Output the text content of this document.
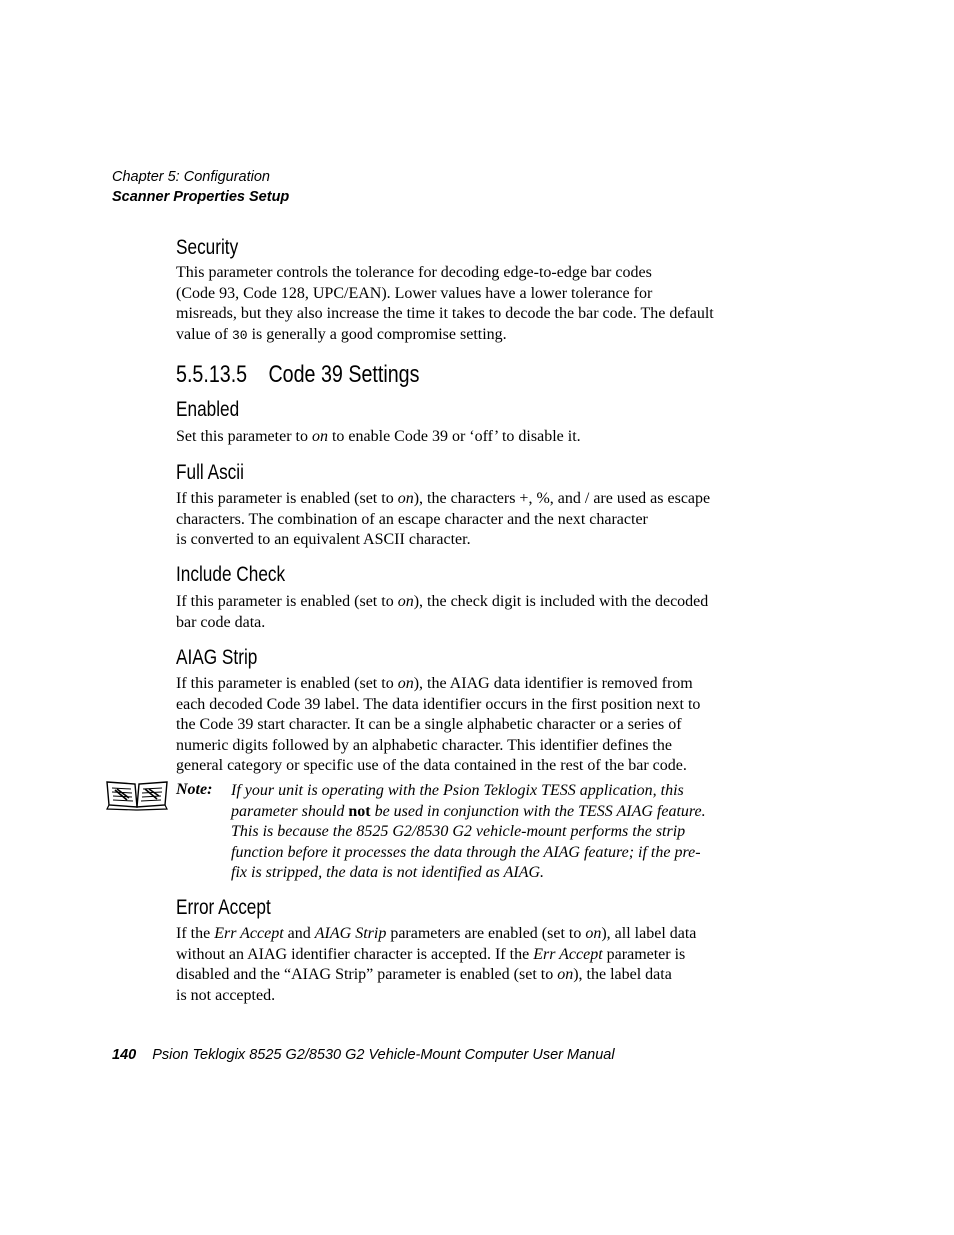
Chapter 5: Configuration
Scanner Properties Setup
Security
This parameter controls the tolerance for decoding edge-to-edge bar codes
(Code 93, Code 128, UPC/EAN). Lower values have a lower tolerance for
misreads, but they also increase the time it takes to decode the bar code. The default
value of 30 is generally a good compromise setting.
5.5.13.5 Code 39 Settings
Enabled
Set this parameter to on to enable Code 39 or ‘off’ to disable it.
Full Ascii
If this parameter is enabled (set to on), the characters +, %, and / are used as escape
characters. The combination of an escape character and the next character
is converted to an equivalent ASCII character.
Include Check
If this parameter is enabled (set to on), the check digit is included with the decoded
bar code data.
AIAG Strip
If this parameter is enabled (set to on), the AIAG data identifier is removed from
each decoded Code 39 label. The data identifier occurs in the first position next to
the Code 39 start character. It can be a single alphabetic character or a series of
numeric digits followed by an alphabetic character. This identifier defines the
general category or specific use of the data contained in the rest of the bar code.
Note: If your unit is operating with the Psion Teklogix TESS application, this
parameter should not be used in conjunction with the TESS AIAG feature.
This is because the 8525 G2/8530 G2 vehicle-mount performs the strip
function before it processes the data through the AIAG feature; if the pre-
fix is stripped, the data is not identified as AIAG.
Error Accept
If the Err Accept and AIAG Strip parameters are enabled (set to on), all label data
without an AIAG identifier character is accepted. If the Err Accept parameter is
disabled and the “AIAG Strip” parameter is enabled (set to on), the label data
is not accepted.
140 Psion Teklogix 8525 G2/8530 G2 Vehicle-Mount Computer User Manual
